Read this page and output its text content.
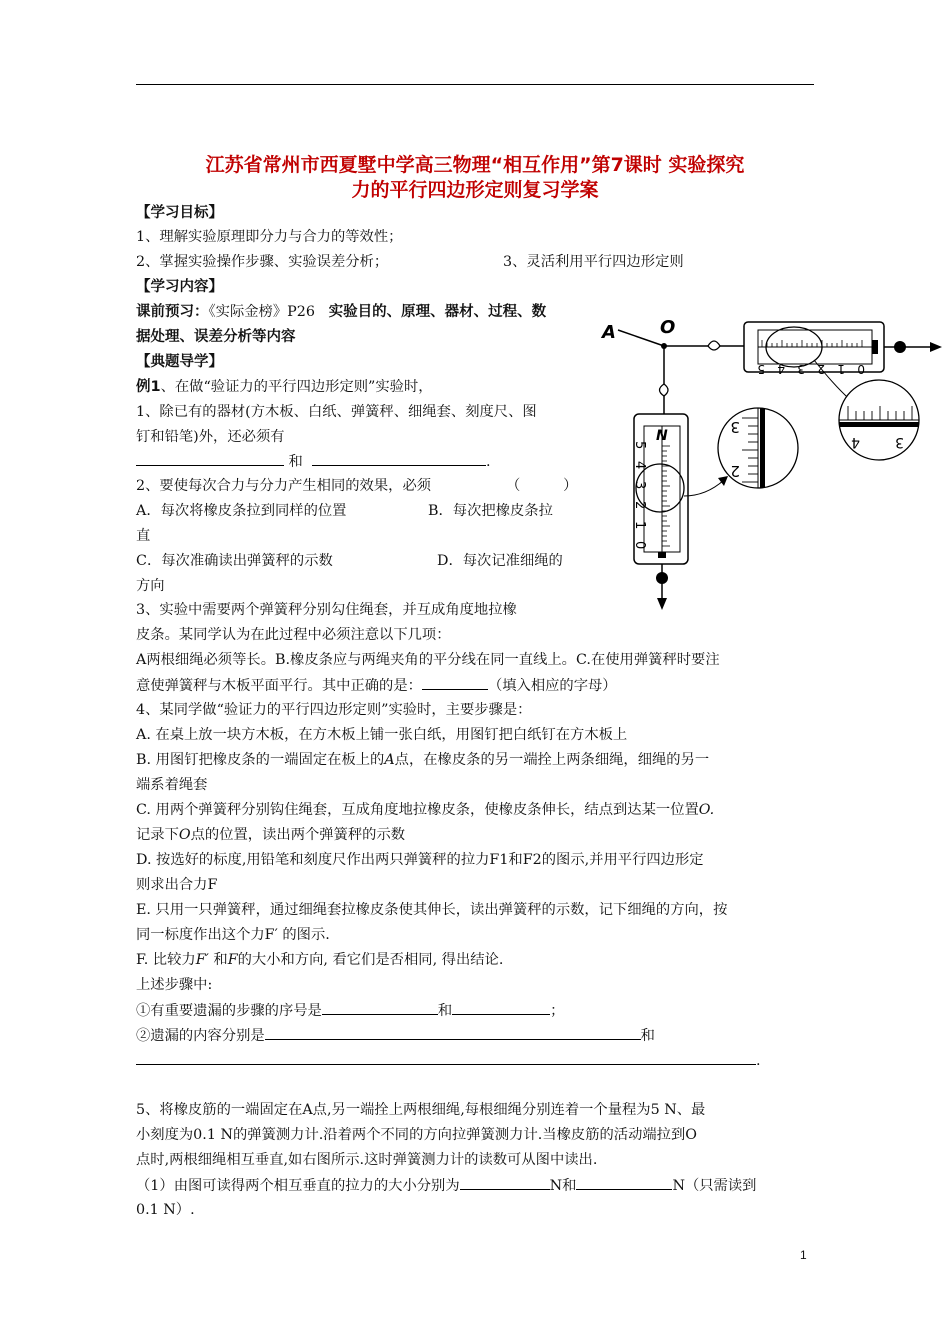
江苏省常州市西夏墅中学高三物理“相互作用”第7课时 实验探究
力的平行四边形定则复习学案
【学习目标】
1、理解实验原理即分力与合力的等效性；
2、掌握实验操作步骤、实验误差分析；	3、灵活利用平行四边形定则
【学习内容】
课前预习：《实际金榜》P26 实验目的、原理、器材、过程、数
据处理、误差分析等内容
【典题导学】
例1、在做“验证力的平行四边形定则”实验时，
1、除已有的器材(方木板、白纸、弹簧秤、细绳套、刻度尺、图
钉和铅笔)外，还必须有
和	.
2、要使每次合力与分力产生相同的效果，必须	（　　　）
A．每次将橡皮条拉到同样的位置	B．每次把橡皮条拉
直
C．每次准确读出弹簧秤的示数	D．每次记准细绳的
方向
3、实验中需要两个弹簧秤分别勾住绳套，并互成角度地拉橡
皮条。某同学认为在此过程中必须注意以下几项：
A两根细绳必须等长。B.橡皮条应与两绳夹角的平分线在同一直线上。C.在使用弹簧秤时要注
意使弹簧秤与木板平面平行。其中正确的是：	（填入相应的字母）
4、某同学做“验证力的平行四边形定则”实验时，主要步骤是：
A. 在桌上放一块方木板，在方木板上铺一张白纸，用图钉把白纸钉在方木板上
B. 用图钉把橡皮条的一端固定在板上的A点，在橡皮条的另一端拴上两条细绳，细绳的另一
端系着绳套
C. 用两个弹簧秤分别钩住绳套，互成角度地拉橡皮条，使橡皮条伸长，结点到达某一位置O.
记录下O点的位置，读出两个弹簧秤的示数
D. 按选好的标度,用铅笔和刻度尺作出两只弹簧秤的拉力F1和F2的图示,并用平行四边形定
则求出合力F
E. 只用一只弹簧秤，通过细绳套拉橡皮条使其伸长，读出弹簧秤的示数，记下细绳的方向，按
同一标度作出这个力F′ 的图示.
F. 比较力F′ 和F的大小和方向, 看它们是否相同, 得出结论.
上述步骤中:
①有重要遗漏的步骤的序号是	和	；
②遗漏的内容分别是	和
.
5、将橡皮筋的一端固定在A点,另一端拴上两根细绳,每根细绳分别连着一个量程为5 N、最
小刻度为0.1 N的弹簧测力计.沿着两个不同的方向拉弹簧测力计.当橡皮筋的活动端拉到O
点时,两根细绳相互垂直,如右图所示.这时弹簧测力计的读数可从图中读出.
（1）由图可读得两个相互垂直的拉力的大小分别为	N和	N（只需读到
0.1 N）.
A O
5 4 3 2 1 0
3
4
N
5
4
3
2
1
0
3
2
1
